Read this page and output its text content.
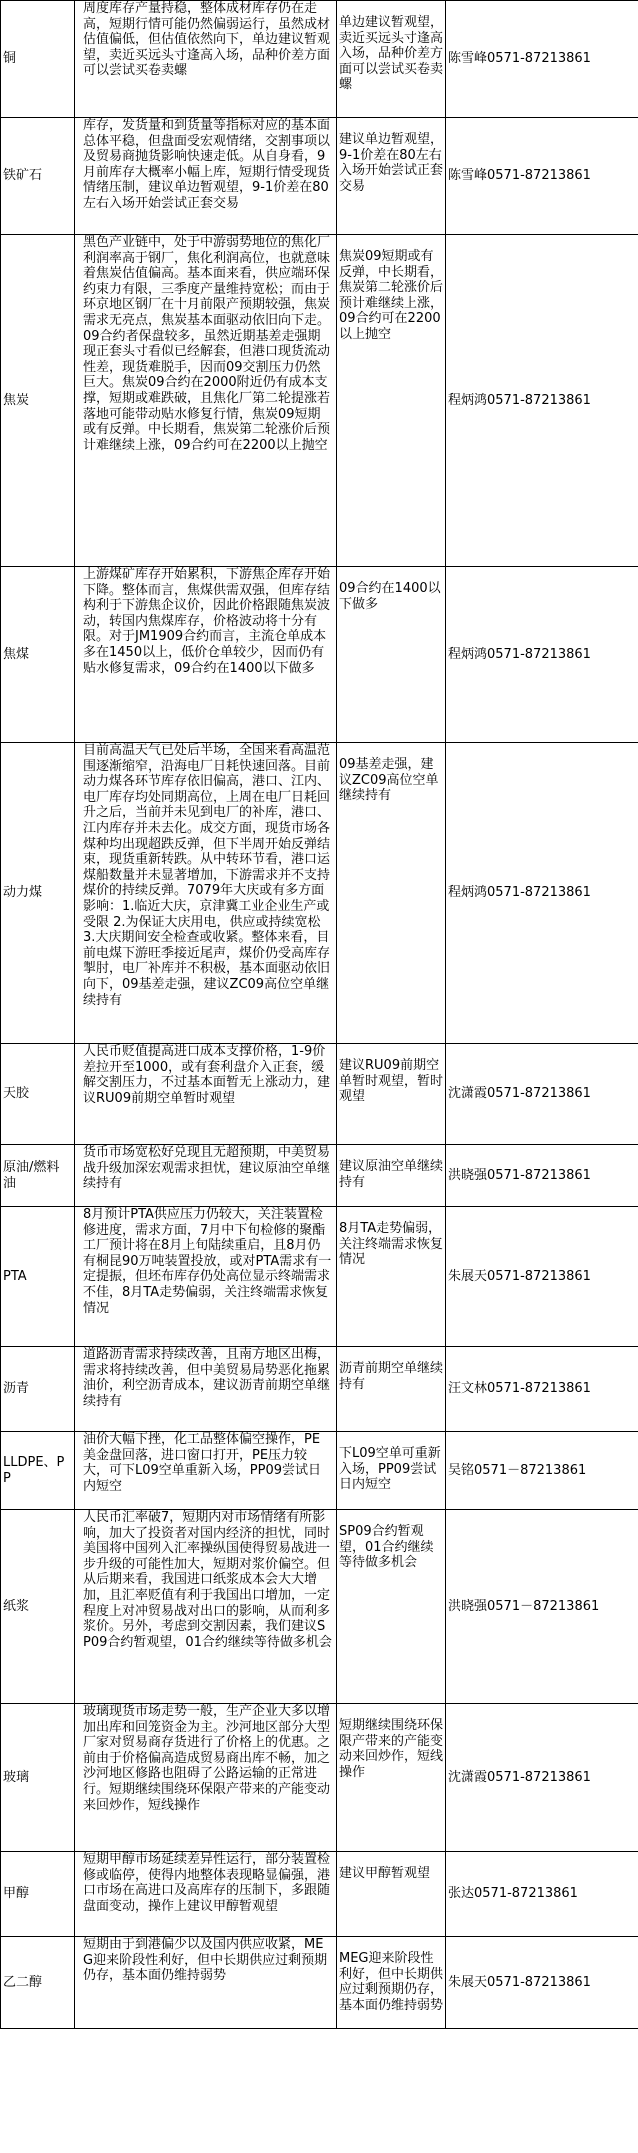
铜	周度库存产量持稳，整体成材库存仍在走高，短期行情可能仍然偏弱运行，虽然成材估值偏低，但估值依然向下，单边建议暂观望，卖近买远头寸逢高入场，品种价差方面可以尝试买卷卖螺	单边建议暂观望，卖近买远头寸逢高入场，品种价差方面可以尝试买卷卖螺	陈雪峰0571-87213861
铁矿石	库存，发货量和到货量等指标对应的基本面总体平稳，但盘面受宏观情绪，交割事项以及贸易商抛货影响快速走低。从自身看，9月前库存大概率小幅上库，短期行情受现货情绪压制，建议单边暂观望，9-1价差在80左右入场开始尝试正套交易	建议单边暂观望，9-1价差在80左右入场开始尝试正套交易	陈雪峰0571-87213861
焦炭	黑色产业链中，处于中游弱势地位的焦化厂利润率高于钢厂，焦化利润高位，也就意味着焦炭估值偏高。基本面来看，供应端环保约束力有限，三季度产量维持宽松；而由于环京地区钢厂在十月前限产预期较强，焦炭需求无亮点，焦炭基本面驱动依旧向下走。09合约者保盘较多，虽然近期基差走强期现正套头寸看似已经解套，但港口现货流动性差，现货难脱手，因而09交割压力仍然巨大。焦炭09合约在2000附近仍有成本支撑，短期或难跌破，且焦化厂第二轮提涨若落地可能带动贴水修复行情，焦炭09短期或有反弹。中长期看，焦炭第二轮涨价后预计难继续上涨，09合约可在2200以上抛空	焦炭09短期或有反弹，中长期看，焦炭第二轮涨价后预计难继续上涨，09合约可在2200以上抛空	程炳鸿0571-87213861
焦煤	上游煤矿库存开始累积，下游焦企库存开始下降。整体而言，焦煤供需双强，但库存结构利于下游焦企议价，因此价格跟随焦炭波动，转国内焦煤库存，价格波动将十分有限。对于JM1909合约而言，主流仓单成本多在1450以上，低价仓单较少，因而仍有贴水修复需求，09合约在1400以下做多	09合约在1400以下做多	程炳鸿0571-87213861
动力煤	目前高温天气已处后半场，全国来看高温范围逐渐缩窄，沿海电厂日耗快速回落。目前动力煤各环节库存依旧偏高，港口、江内、电厂库存均处同期高位，上周在电厂日耗回升之后，当前并未见到电厂的补库，港口、江内库存并未去化。成交方面，现货市场各煤种均出现超跌反弹，但下半周开始反弹结束，现货重新转跌。从中转环节看，港口运煤船数量并未显著增加，下游需求并不支持煤价的持续反弹。7079年大庆或有多方面影响：1.临近大庆，京津冀工业企业生产或受限 2.为保证大庆用电，供应或持续宽松 3.大庆期间安全检查或收紧。整体来看，目前电煤下游旺季接近尾声，煤价仍受高库存掣肘，电厂补库并不积极，基本面驱动依旧向下，09基差走强，建议ZC09高位空单继续持有	09基差走强，建议ZC09高位空单继续持有	程炳鸿0571-87213861
天胶	人民币贬值提高进口成本支撑价格，1-9价差拉开至1000，或有套利盘介入正套，缓解交割压力，不过基本面暂无上涨动力，建议RU09前期空单暂时观望	建议RU09前期空单暂时观望，暂时观望	沈潇霞0571-87213861
原油/燃料油	货币市场宽松好兑现且无超预期，中美贸易战升级加深宏观需求担忧，建议原油空单继续持有	建议原油空单继续持有	洪晓强0571-87213861
PTA	8月预计PTA供应压力仍较大，关注装置检修进度，需求方面，7月中下旬检修的聚酯工厂预计将在8月上旬陆续重启，且8月仍有桐昆90万吨装置投放，或对PTA需求有一定提振，但坯布库存仍处高位显示终端需求不佳，8月TA走势偏弱，关注终端需求恢复情况	8月TA走势偏弱，关注终端需求恢复情况	朱展天0571-87213861
沥青	道路沥青需求持续改善，且南方地区出梅，需求将持续改善，但中美贸易局势恶化拖累油价，利空沥青成本，建议沥青前期空单继续持有	沥青前期空单继续持有	汪文林0571-87213861
LLDPE、PP	油价大幅下挫，化工品整体偏空操作，PE美金盘回落，进口窗口打开，PE压力较大，可下L09空单重新入场，PP09尝试日内短空	下L09空单可重新入场，PP09尝试日内短空	吴铭0571－87213861
纸浆	人民币汇率破7，短期内对市场情绪有所影响，加大了投资者对国内经济的担忧，同时美国将中国列入汇率操纵国使得贸易战进一步升级的可能性加大，短期对浆价偏空。但从后期来看，我国进口纸浆成本会大大增加，且汇率贬值有利于我国出口增加，一定程度上对冲贸易战对出口的影响，从而利多浆价。另外，考虑到交割因素，我们建议SP09合约暂观望，01合约继续等待做多机会	SP09合约暂观望，01合约继续等待做多机会	洪晓强0571－87213861
玻璃	玻璃现货市场走势一般，生产企业大多以增加出库和回笼资金为主。沙河地区部分大型厂家对贸易商存货进行了价格上的优惠。之前由于价格偏高造成贸易商出库不畅，加之沙河地区修路也阻碍了公路运输的正常进行。短期继续围绕环保限产带来的产能变动来回炒作，短线操作	短期继续围绕环保限产带来的产能变动来回炒作，短线操作	沈潇霞0571-87213861
甲醇	短期甲醇市场延续差异性运行，部分装置检修或临停，使得内地整体表现略显偏强，港口市场在高进口及高库存的压制下，多跟随盘面变动，操作上建议甲醇暂观望	建议甲醇暂观望	张达0571-87213861
乙二醇	短期由于到港偏少以及国内供应收紧，MEG迎来阶段性利好，但中长期供应过剩预期仍存，基本面仍维持弱势	MEG迎来阶段性利好，但中长期供应过剩预期仍存，基本面仍维持弱势	朱展天0571-87213861
